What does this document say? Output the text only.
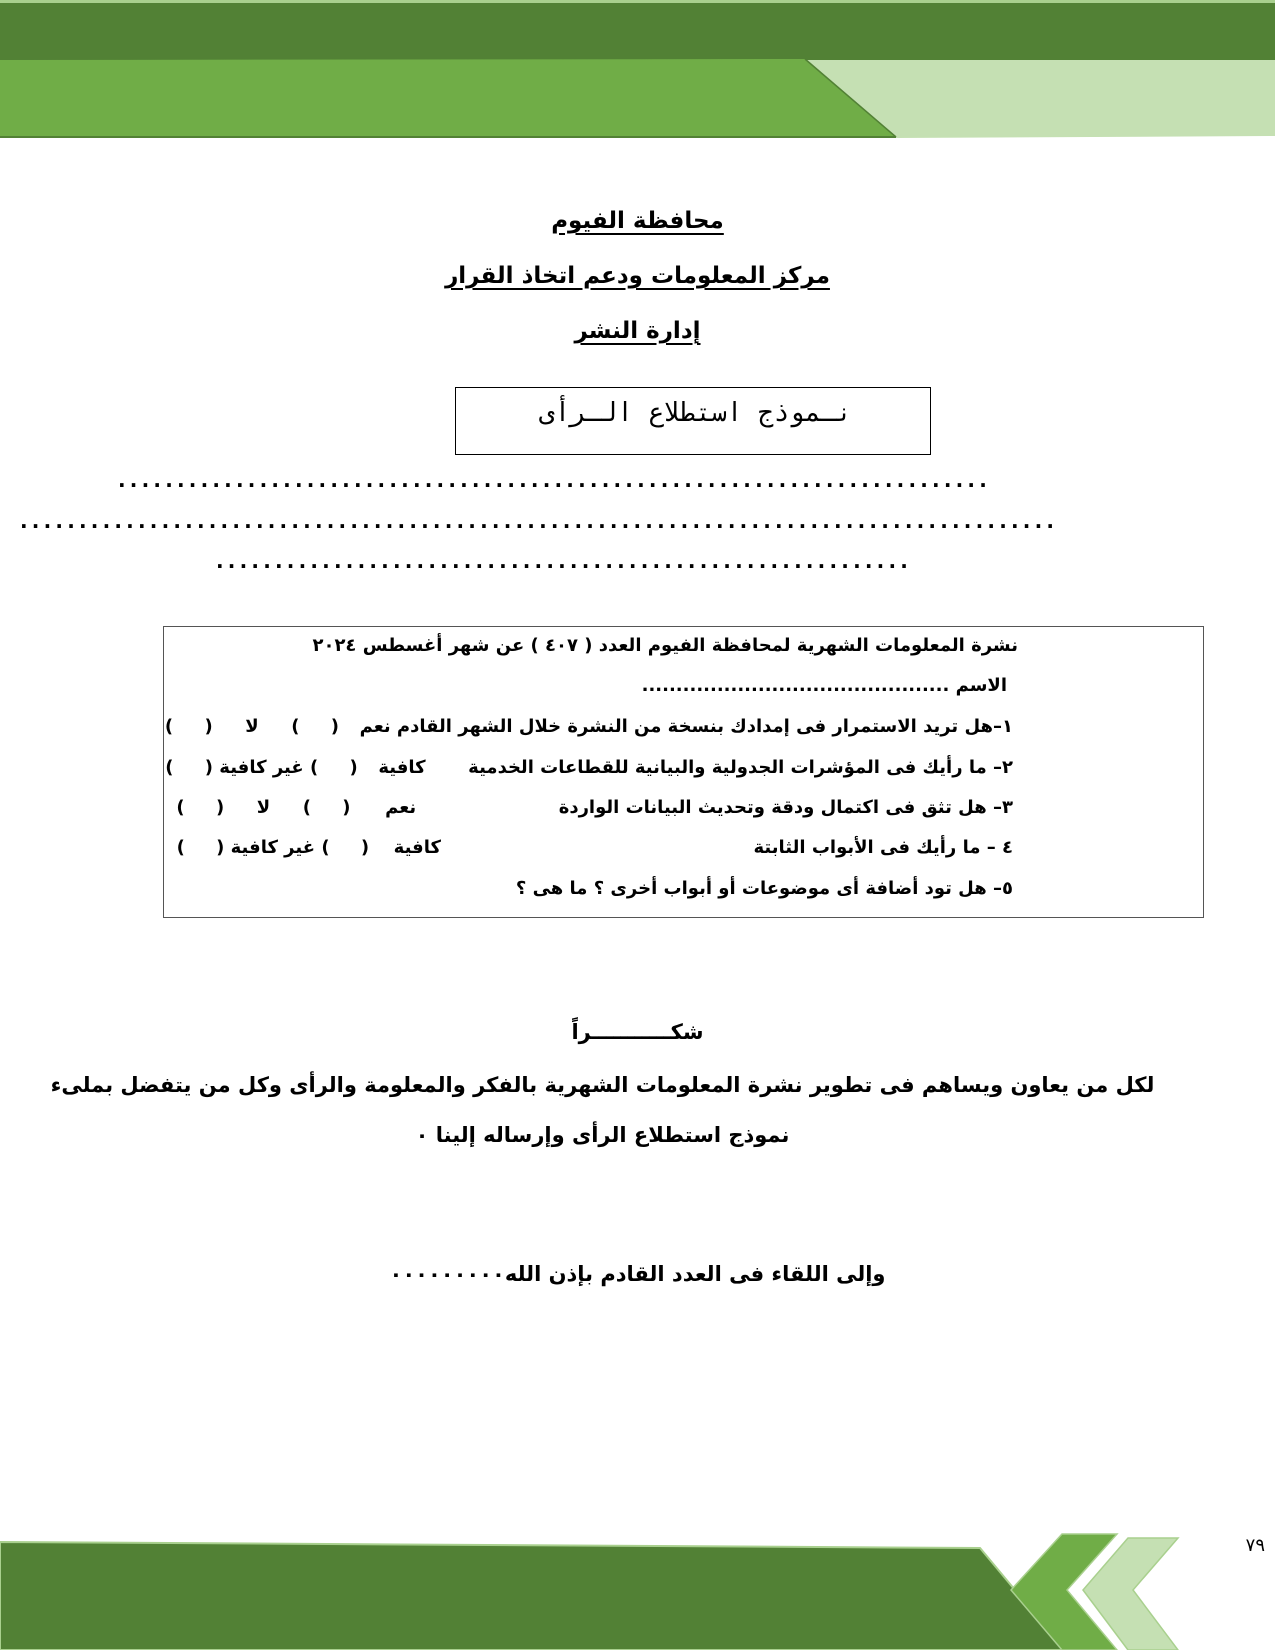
محافظة الفيوم
مركز المعلومات ودعم اتخاذ القرار
إدارة النشر
نـموذج استطلاع الـرأى
..........................................................................
........................................................................................
...........................................................
نشرة المعلومات الشهرية لمحافظة الفيوم العدد ( ٤٠٧ ) عن شهر أغسطس ٢٠٢٤
الاسم .............................................
١–هل تريد الاستمرار فى إمدادك بنسخة من النشرة خلال الشهر القادم نعم  (     )  لا  (     )
٢– ما رأيك فى المؤشرات الجدولية والبيانية للقطاعات الخدمية  كافية  (     ) غير كافية (     )
٣– هل تثق فى اكتمال ودقة وتحديث البيانات الواردة  نعم  (     )  لا  (     )
٤ – ما رأيك فى الأبواب الثابتة  كافية  (     ) غير كافية (     )
٥– هل تود أضافة أى موضوعات أو أبواب أخرى ؟ ما هى ؟
شكـــــــــــراً
لكل من يعاون ويساهم فى تطوير نشرة المعلومات الشهرية بالفكر والمعلومة والرأى وكل من يتفضل بملىء نموذج استطلاع الرأى وإرساله إلينا ٠
وإلى اللقاء فى العدد القادم بإذن الله٠٠٠٠٠٠٠٠٠
٧٩
